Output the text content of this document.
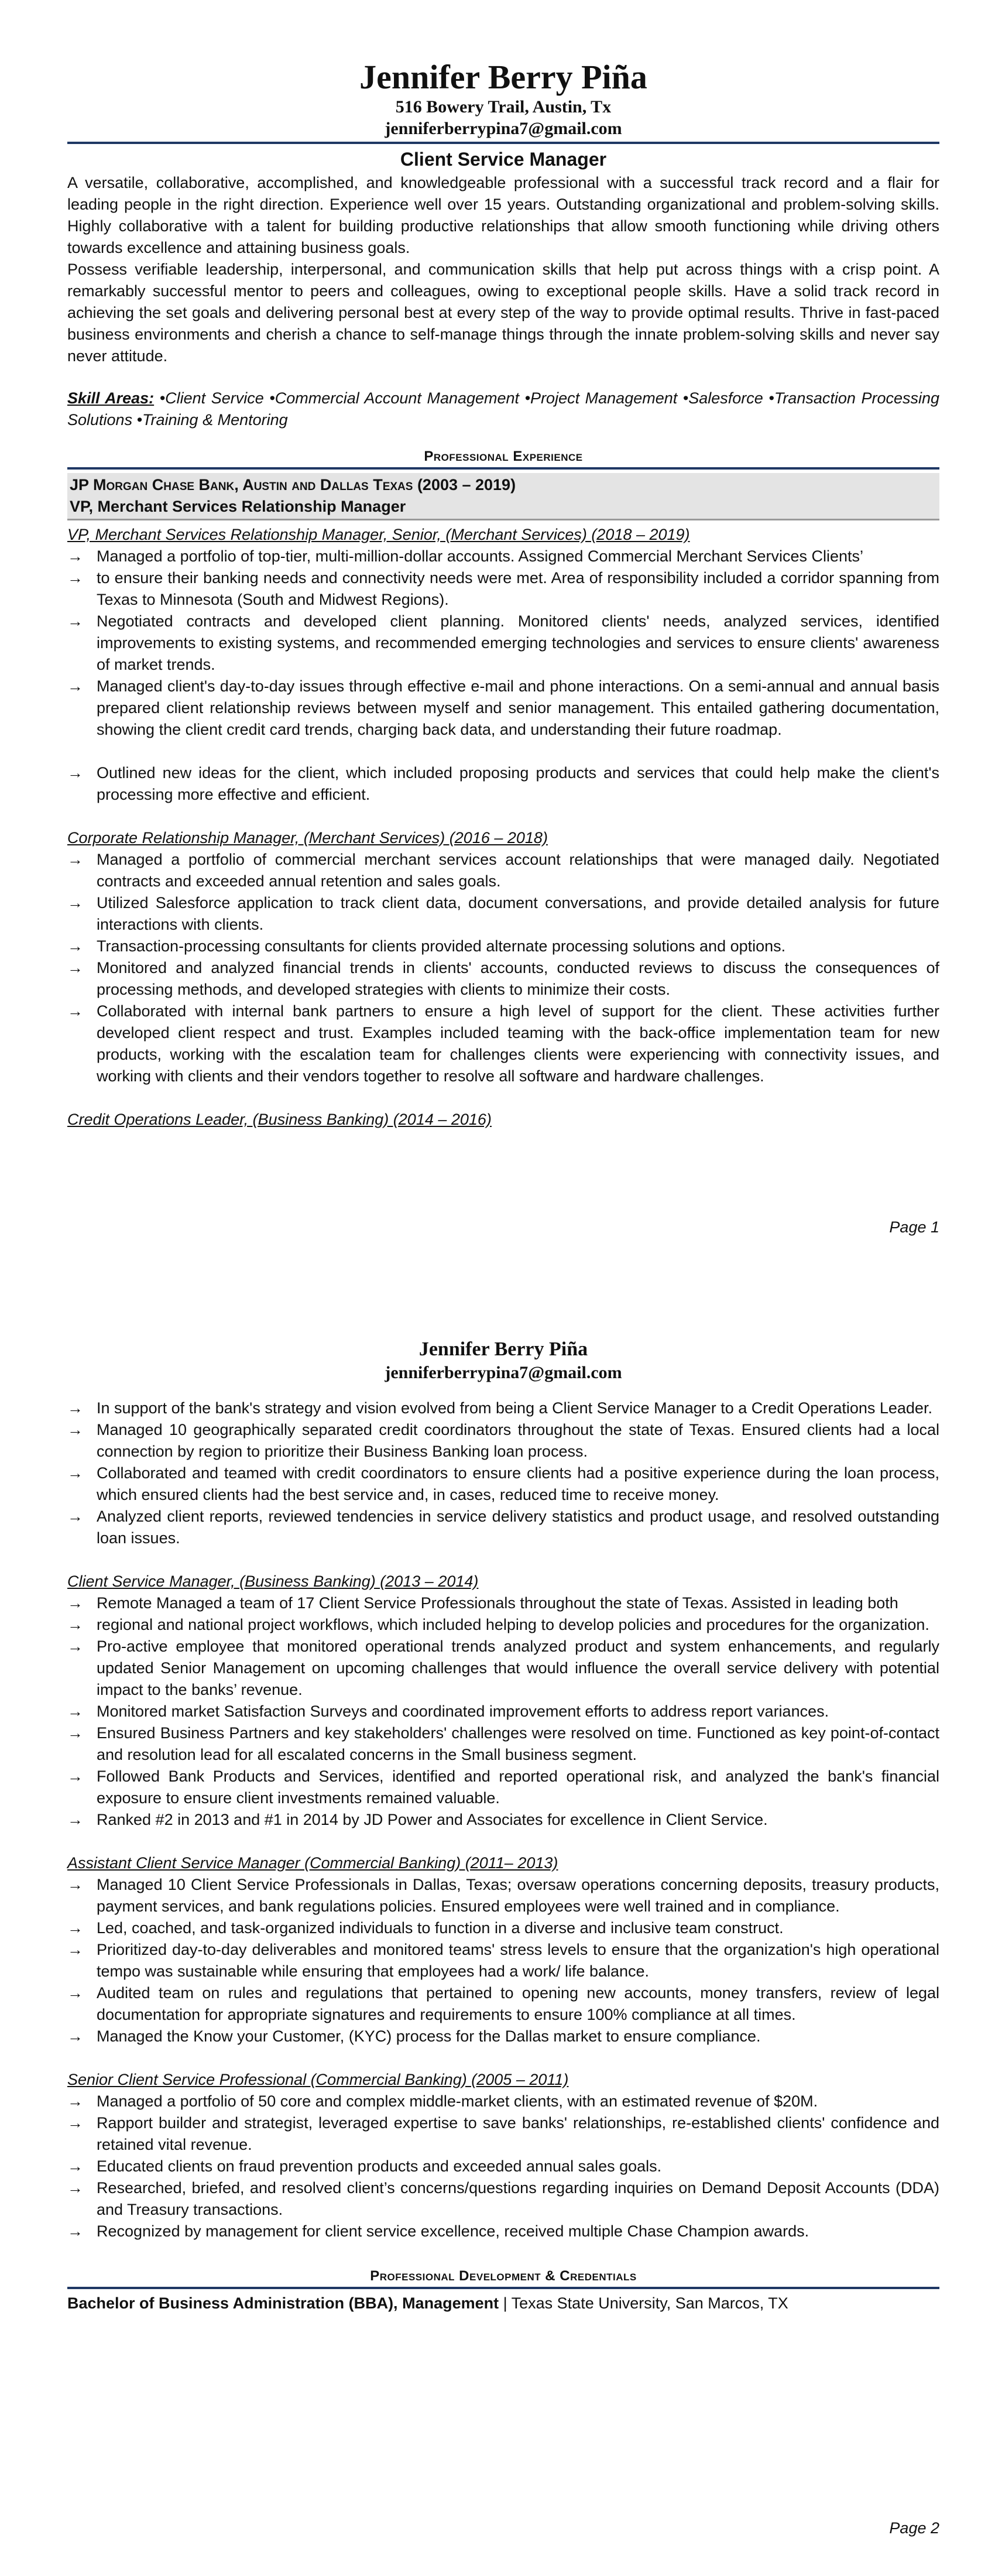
Jennifer Berry Piña
516 Bowery Trail, Austin, Tx
jenniferberrypina7@gmail.com
Client Service Manager

A versatile, collaborative, accomplished, and knowledgeable professional with a successful track record and a flair for leading people in the right direction. Experience well over 15 years. Outstanding organizational and problem-solving skills. Highly collaborative with a talent for building productive relationships that allow smooth functioning while driving others towards excellence and attaining business goals.

Possess verifiable leadership, interpersonal, and communication skills that help put across things with a crisp point. A remarkably successful mentor to peers and colleagues, owing to exceptional people skills. Have a solid track record in achieving the set goals and delivering personal best at every step of the way to provide optimal results. Thrive in fast-paced business environments and cherish a chance to self-manage things through the innate problem-solving skills and never say never attitude.

Skill Areas: •Client Service •Commercial Account Management •Project Management •Salesforce •Transaction Processing Solutions •Training & Mentoring

Professional Experience
JP Morgan Chase Bank, Austin and Dallas Texas (2003 – 2019)
VP, Merchant Services Relationship Manager
VP, Merchant Services Relationship Manager, Senior, (Merchant Services) (2018 – 2019)
→ Managed a portfolio of top-tier, multi-million-dollar accounts. Assigned Commercial Merchant Services Clients’
→ to ensure their banking needs and connectivity needs were met. Area of responsibility included a corridor spanning from Texas to Minnesota (South and Midwest Regions).
→ Negotiated contracts and developed client planning. Monitored clients' needs, analyzed services, identified improvements to existing systems, and recommended emerging technologies and services to ensure clients' awareness of market trends.
→ Managed client's day-to-day issues through effective e-mail and phone interactions. On a semi-annual and annual basis prepared client relationship reviews between myself and senior management. This entailed gathering documentation, showing the client credit card trends, charging back data, and understanding their future roadmap.
→ Outlined new ideas for the client, which included proposing products and services that could help make the client's processing more effective and efficient.
Corporate Relationship Manager, (Merchant Services) (2016 – 2018)
→ Managed a portfolio of commercial merchant services account relationships that were managed daily. Negotiated contracts and exceeded annual retention and sales goals.
→ Utilized Salesforce application to track client data, document conversations, and provide detailed analysis for future interactions with clients.
→ Transaction-processing consultants for clients provided alternate processing solutions and options.
→ Monitored and analyzed financial trends in clients' accounts, conducted reviews to discuss the consequences of processing methods, and developed strategies with clients to minimize their costs.
→ Collaborated with internal bank partners to ensure a high level of support for the client. These activities further developed client respect and trust. Examples included teaming with the back-office implementation team for new products, working with the escalation team for challenges clients were experiencing with connectivity issues, and working with clients and their vendors together to resolve all software and hardware challenges.
Credit Operations Leader, (Business Banking) (2014 – 2016)
Page 1
Jennifer Berry Piña
jenniferberrypina7@gmail.com
→ In support of the bank's strategy and vision evolved from being a Client Service Manager to a Credit Operations Leader.
→ Managed 10 geographically separated credit coordinators throughout the state of Texas. Ensured clients had a local connection by region to prioritize their Business Banking loan process.
→ Collaborated and teamed with credit coordinators to ensure clients had a positive experience during the loan process, which ensured clients had the best service and, in cases, reduced time to receive money.
→ Analyzed client reports, reviewed tendencies in service delivery statistics and product usage, and resolved outstanding loan issues.
Client Service Manager, (Business Banking) (2013 – 2014)
→ Remote Managed a team of 17 Client Service Professionals throughout the state of Texas. Assisted in leading both
→ regional and national project workflows, which included helping to develop policies and procedures for the organization.
→ Pro-active employee that monitored operational trends analyzed product and system enhancements, and regularly updated Senior Management on upcoming challenges that would influence the overall service delivery with potential impact to the banks’ revenue.
→ Monitored market Satisfaction Surveys and coordinated improvement efforts to address report variances.
→ Ensured Business Partners and key stakeholders' challenges were resolved on time. Functioned as key point-of-contact and resolution lead for all escalated concerns in the Small business segment.
→ Followed Bank Products and Services, identified and reported operational risk, and analyzed the bank's financial exposure to ensure client investments remained valuable.
→ Ranked #2 in 2013 and #1 in 2014 by JD Power and Associates for excellence in Client Service.
Assistant Client Service Manager (Commercial Banking) (2011– 2013)
→ Managed 10 Client Service Professionals in Dallas, Texas; oversaw operations concerning deposits, treasury products, payment services, and bank regulations policies. Ensured employees were well trained and in compliance.
→ Led, coached, and task-organized individuals to function in a diverse and inclusive team construct.
→ Prioritized day-to-day deliverables and monitored teams' stress levels to ensure that the organization's high operational tempo was sustainable while ensuring that employees had a work/ life balance.
→ Audited team on rules and regulations that pertained to opening new accounts, money transfers, review of legal documentation for appropriate signatures and requirements to ensure 100% compliance at all times.
→ Managed the Know your Customer, (KYC) process for the Dallas market to ensure compliance.
Senior Client Service Professional (Commercial Banking) (2005 – 2011)
→ Managed a portfolio of 50 core and complex middle-market clients, with an estimated revenue of $20M.
→ Rapport builder and strategist, leveraged expertise to save banks' relationships, re-established clients' confidence and retained vital revenue.
→ Educated clients on fraud prevention products and exceeded annual sales goals.
→ Researched, briefed, and resolved client’s concerns/questions regarding inquiries on Demand Deposit Accounts (DDA) and Treasury transactions.
→ Recognized by management for client service excellence, received multiple Chase Champion awards.
Professional Development & Credentials

Bachelor of Business Administration (BBA), Management | Texas State University, San Marcos, TX

Page 2
